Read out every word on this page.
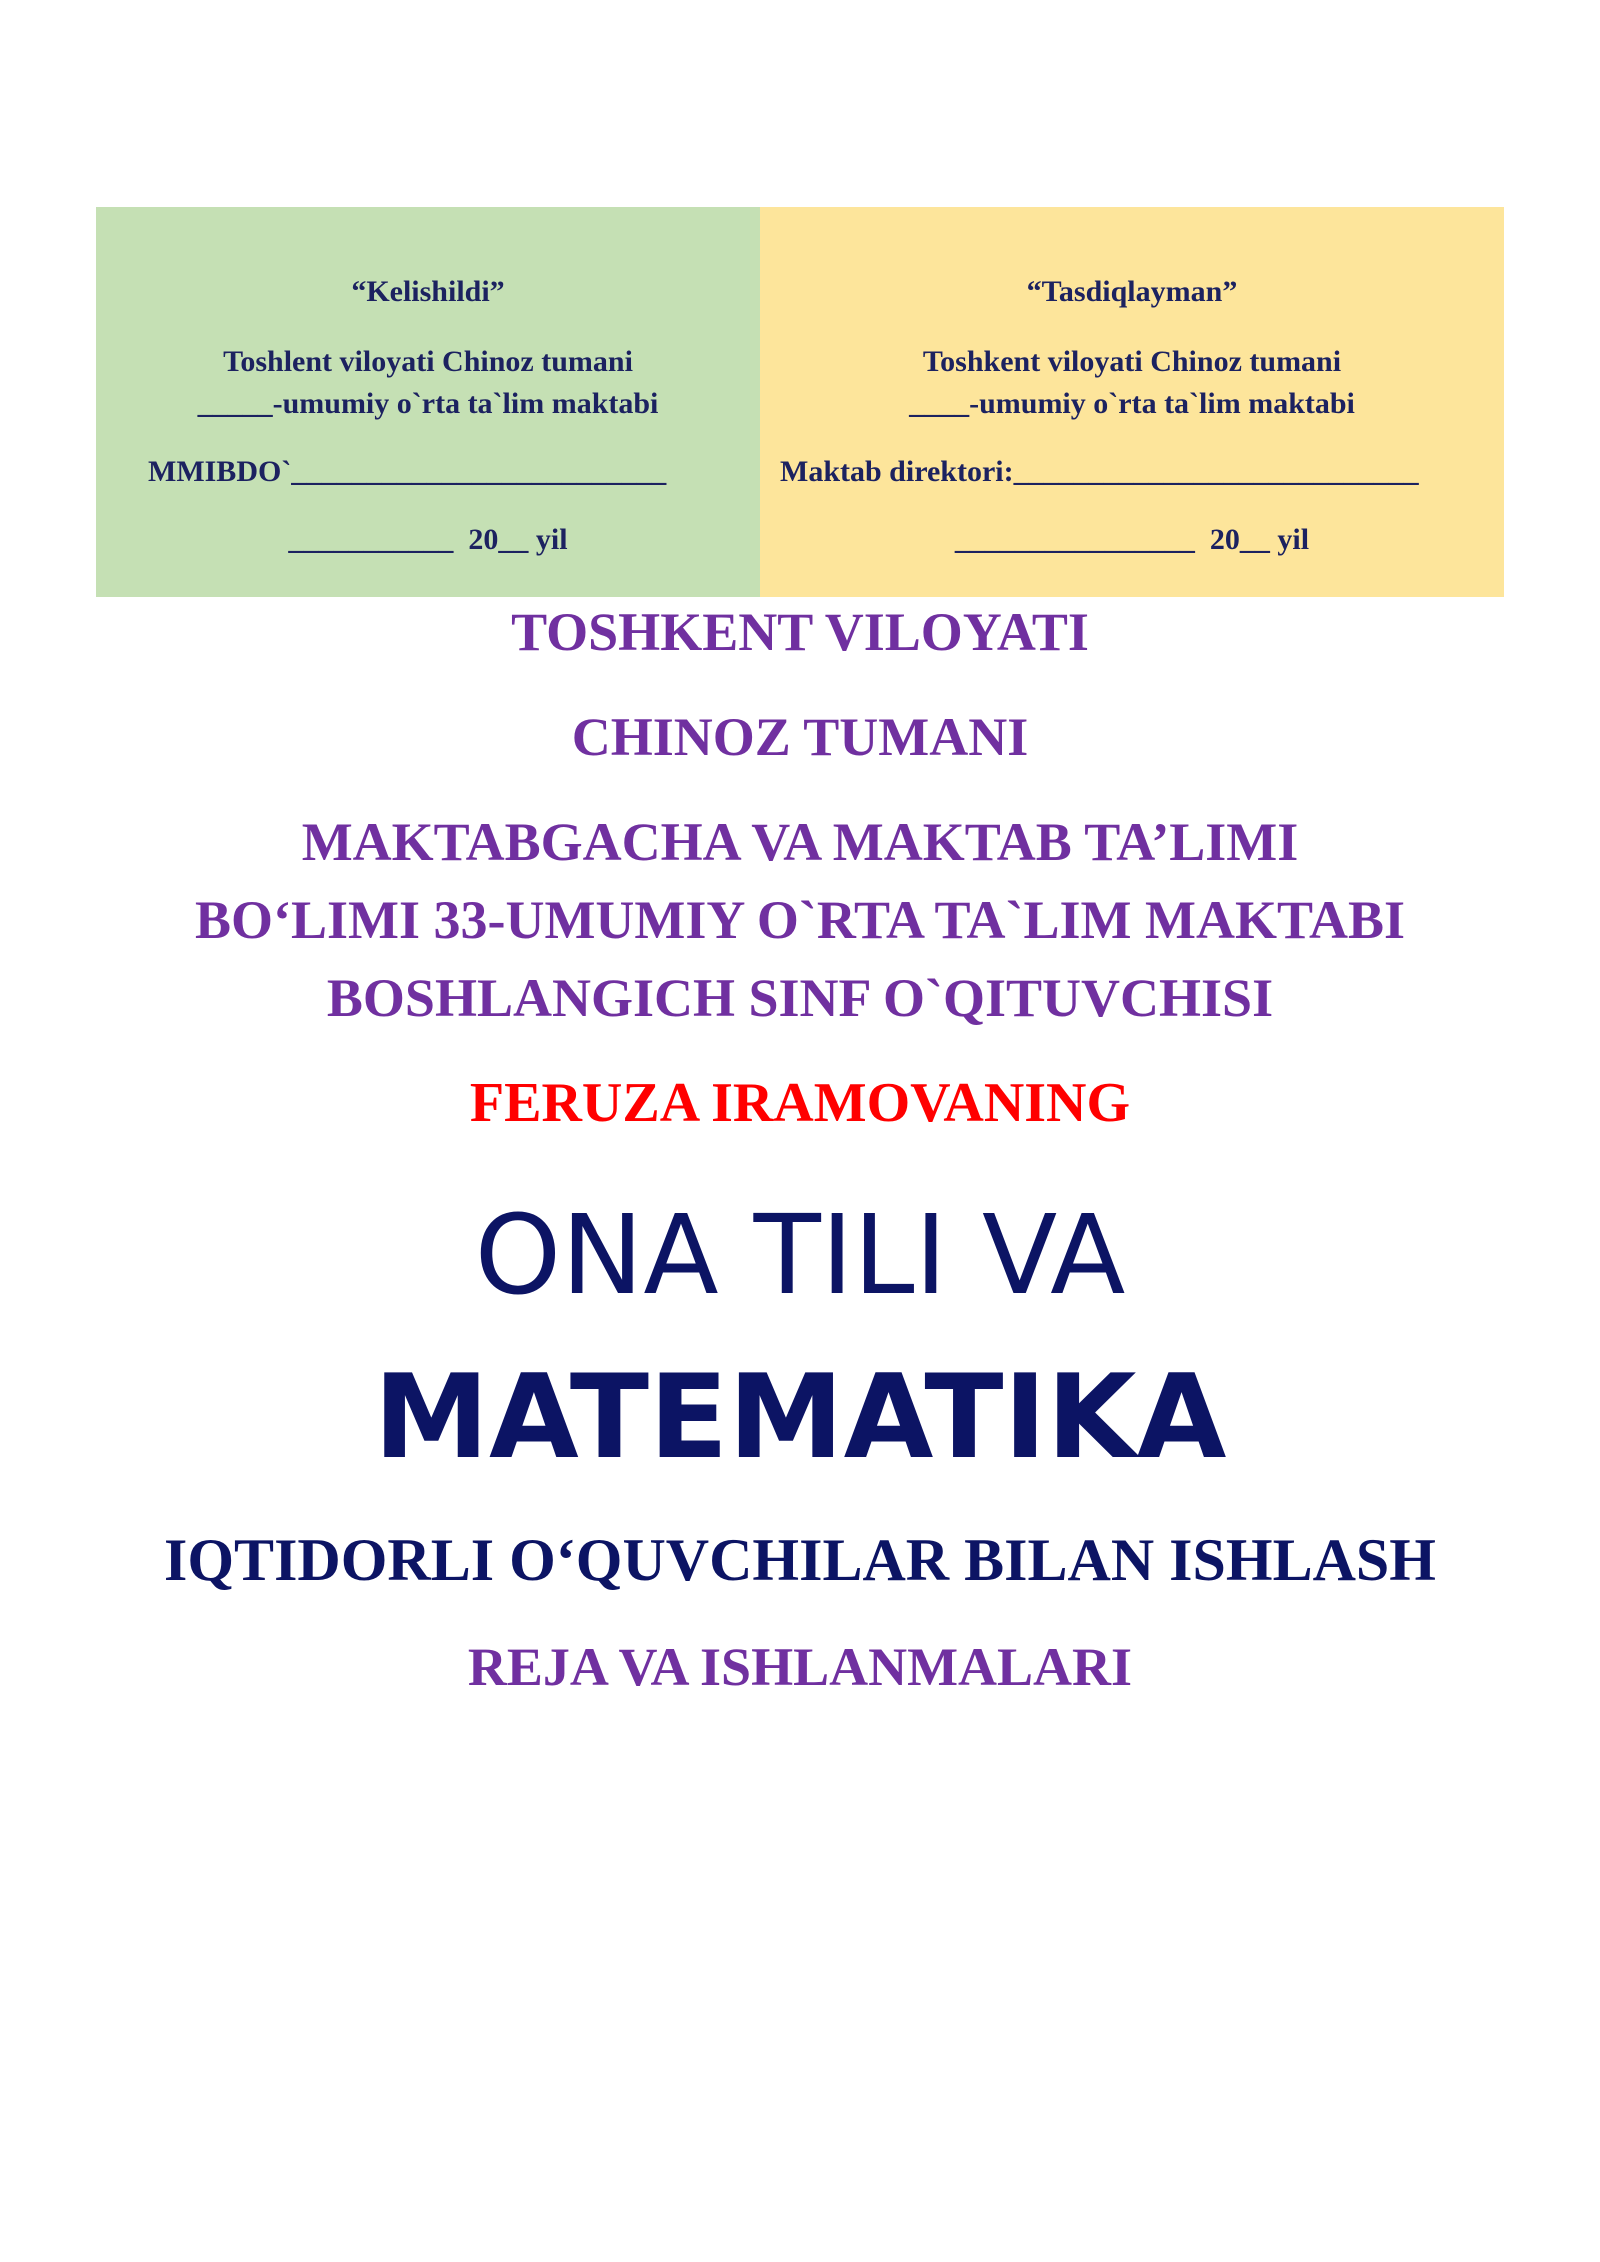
“Kelishildi”
Toshlent viloyati Chinoz tumani
_____-umumiy o`rta ta`lim maktabi
MMIBDO`_________________________
___________  20__ yil
“Tasdiqlayman”
Toshkent viloyati Chinoz tumani
____-umumiy o`rta ta`lim maktabi
Maktab direktori:___________________________
________________  20__ yil
TOSHKENT VILOYATI
CHINOZ TUMANI
MAKTABGACHA VA MAKTAB TA’LIMI
BO‘LIMI 33-UMUMIY O`RTA TA`LIM MAKTABI
BOSHLANGICH SINF O`QITUVCHISI
FERUZA IRAMOVANING
ONA TILI VA
MATEMATIKA
IQTIDORLI O‘QUVCHILAR BILAN ISHLASH
REJA VA ISHLANMALARI
